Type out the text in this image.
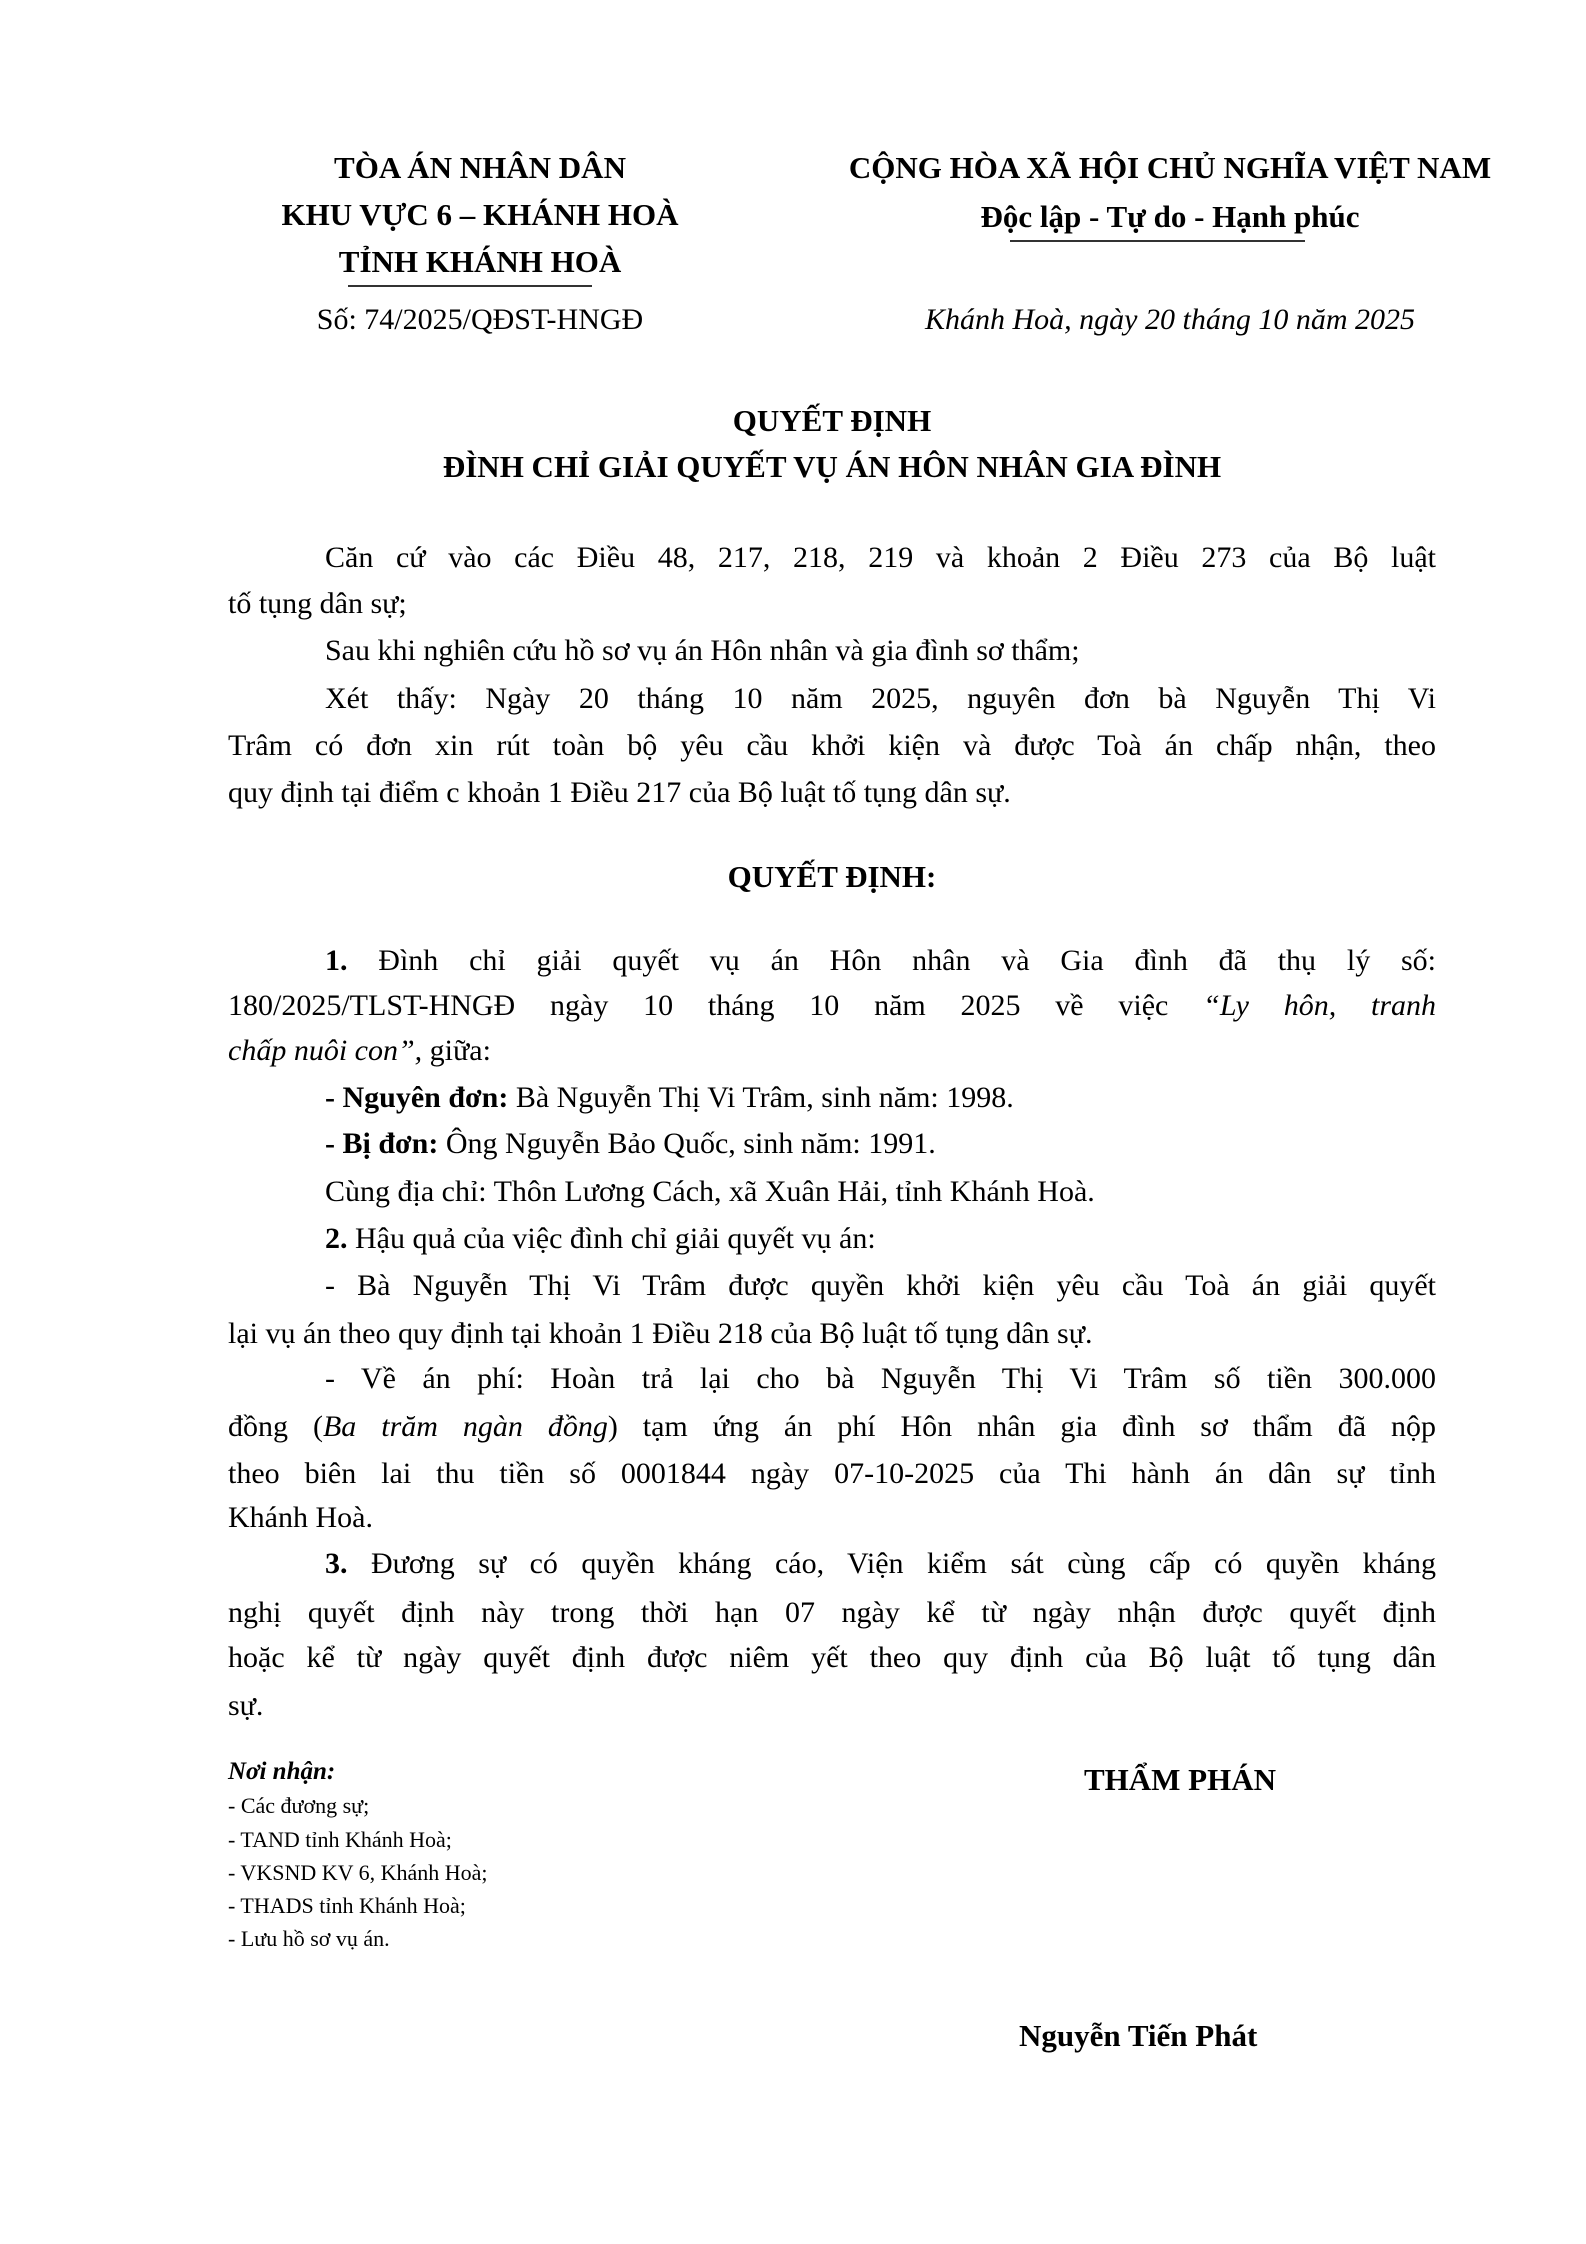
TÒA ÁN NHÂN DÂN
KHU VỰC 6 – KHÁNH HOÀ
TỈNH KHÁNH HOÀ
Số: 74/2025/QĐST-HNGĐ
CỘNG HÒA XÃ HỘI CHỦ NGHĨA VIỆT NAM
Độc lập - Tự do - Hạnh phúc
Khánh Hoà, ngày 20 tháng 10 năm 2025
QUYẾT ĐỊNH
ĐÌNH CHỈ GIẢI QUYẾT VỤ ÁN HÔN NHÂN GIA ĐÌNH
Căn cứ vào các Điều 48, 217, 218, 219 và khoản 2 Điều 273 của Bộ luật
tố tụng dân sự;
Sau khi nghiên cứu hồ sơ vụ án Hôn nhân và gia đình sơ thẩm;
Xét thấy: Ngày 20 tháng 10 năm 2025, nguyên đơn bà Nguyễn Thị Vi
Trâm có đơn xin rút toàn bộ yêu cầu khởi kiện và được Toà án chấp nhận, theo
quy định tại điểm c khoản 1 Điều 217 của Bộ luật tố tụng dân sự.
QUYẾT ĐỊNH:
1. Đình chỉ giải quyết vụ án Hôn nhân và Gia đình đã thụ lý số:
180/2025/TLST-HNGĐ ngày 10 tháng 10 năm 2025 về việc “Ly hôn, tranh
chấp nuôi con”, giữa:
- Nguyên đơn: Bà Nguyễn Thị Vi Trâm, sinh năm: 1998.
- Bị đơn: Ông Nguyễn Bảo Quốc, sinh năm: 1991.
Cùng địa chỉ: Thôn Lương Cách, xã Xuân Hải, tỉnh Khánh Hoà.
2. Hậu quả của việc đình chỉ giải quyết vụ án:
- Bà Nguyễn Thị Vi Trâm được quyền khởi kiện yêu cầu Toà án giải quyết
lại vụ án theo quy định tại khoản 1 Điều 218 của Bộ luật tố tụng dân sự.
- Về án phí: Hoàn trả lại cho bà Nguyễn Thị Vi Trâm số tiền 300.000
đồng (Ba trăm ngàn đồng) tạm ứng án phí Hôn nhân gia đình sơ thẩm đã nộp
theo biên lai thu tiền số 0001844 ngày 07-10-2025 của Thi hành án dân sự tỉnh
Khánh Hoà.
3. Đương sự có quyền kháng cáo, Viện kiểm sát cùng cấp có quyền kháng
nghị quyết định này trong thời hạn 07 ngày kể từ ngày nhận được quyết định
hoặc kể từ ngày quyết định được niêm yết theo quy định của Bộ luật tố tụng dân
sự.
Nơi nhận:
- Các đương sự;
- TAND tỉnh Khánh Hoà;
- VKSND KV 6, Khánh Hoà;
- THADS tỉnh Khánh Hoà;
- Lưu hồ sơ vụ án.
THẨM PHÁN
Nguyễn Tiến Phát
